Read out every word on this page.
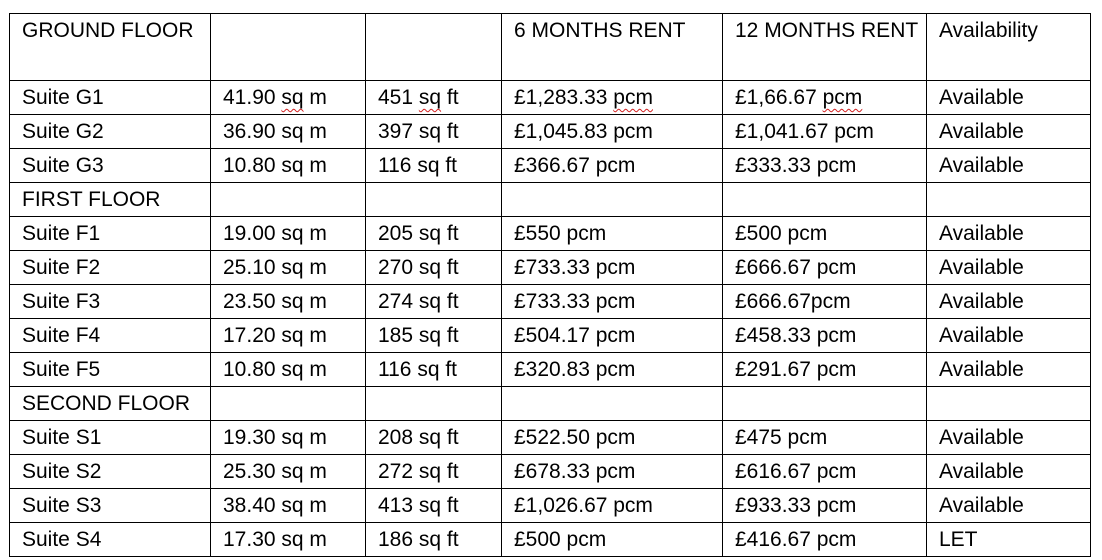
GROUND FLOOR			6 MONTHS RENT	12 MONTHS RENT	Availability
Suite G1	41.90 sq m	451 sq ft	£1,283.33 pcm	£1,66.67 pcm	Available
Suite G2	36.90 sq m	397 sq ft	£1,045.83 pcm	£1,041.67 pcm	Available
Suite G3	10.80 sq m	116 sq ft	£366.67 pcm	£333.33 pcm	Available
FIRST FLOOR					
Suite F1	19.00 sq m	205 sq ft	£550 pcm	£500 pcm	Available
Suite F2	25.10 sq m	270 sq ft	£733.33 pcm	£666.67 pcm	Available
Suite F3	23.50 sq m	274 sq ft	£733.33 pcm	£666.67pcm	Available
Suite F4	17.20 sq m	185 sq ft	£504.17 pcm	£458.33 pcm	Available
Suite F5	10.80 sq m	116 sq ft	£320.83 pcm	£291.67 pcm	Available
SECOND FLOOR					
Suite S1	19.30 sq m	208 sq ft	£522.50 pcm	£475 pcm	Available
Suite S2	25.30 sq m	272 sq ft	£678.33 pcm	£616.67 pcm	Available
Suite S3	38.40 sq m	413 sq ft	£1,026.67 pcm	£933.33 pcm	Available
Suite S4	17.30 sq m	186 sq ft	£500 pcm	£416.67 pcm	LET
